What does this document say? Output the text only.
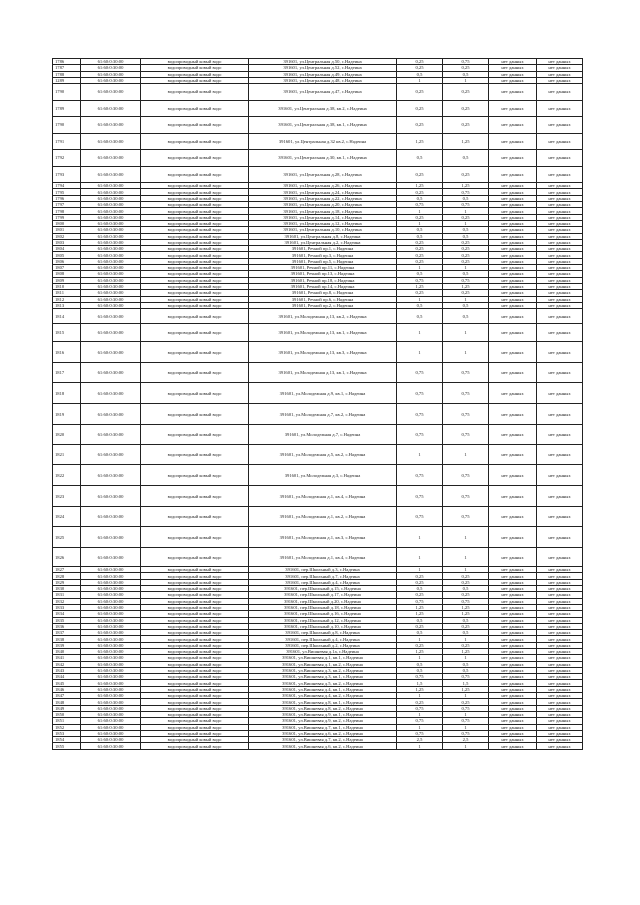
1786	61:60:0:30:00	водопроводный ковый водо	391601, ул.Центральная д.50, с.Надеина	0,25	0,75	нет данных	нет данных
1787	61:60:0:30:00	водопроводный ковый водо	391601, ул.Центральная д.52, с.Надеина	0,25	0,25	нет данных	нет данных
1788	61:60:0:30:00	водопроводный ковый водо	391601, ул.Центральная д.49, с.Надеина	0,5	0,5	нет данных	нет данных
1289	61:60:0:30:00	водопроводный ковый водо	391601, ул.Центральная д.48, с.Надеина	1	1	нет данных	нет данных
1790	61:60:0:30:00	водопроводный ковый водо	391601, ул.Центральная д.47, с.Надеина	0,25	0,25	нет данных	нет данных
1789	61:60:0:30:00	водопроводный ковый водо	391601, ул.Центральная д.38, кв.2, с.Надеина	0,25	0,25	нет данных	нет данных
1790	61:60:0:30:00	водопроводный ковый водо	391601, ул.Центральная д.38, кв.1, с.Надеина	0,25	0,25	нет данных	нет данных
1791	61:60:0:30:00	водопроводный ковый водо	391601, ул.Центральная д.32 кв.2, с.Надеина	1,25	1,25	нет данных	нет данных
1792	61:60:0:30:00	водопроводный ковый водо	391601, ул.Центральная д.30, кв.1, с.Надеина	0,5	0,5	нет данных	нет данных
1793	61:60:0:30:00	водопроводный ковый водо	391601, ул.Центральная д.28, с.Надеина	0,25	0,25	нет данных	нет данных
1794	61:60:0:30:00	водопроводный ковый водо	391601, ул.Центральная д.26, с.Надеина	1,25	1,25	нет данных	нет данных
1795	61:60:0:30:00	водопроводный ковый водо	391601, ул.Центральная д.24, с.Надеина	0,25	0,75	нет данных	нет данных
1796	61:60:0:30:00	водопроводный ковый водо	391601, ул.Центральная д.22, с.Надеина	0,5	0,5	нет данных	нет данных
1797	61:60:0:30:00	водопроводный ковый водо	391601, ул.Центральная д.20, с.Надеина	0,75	0,75	нет данных	нет данных
1798	61:60:0:30:00	водопроводный ковый водо	391601, ул.Центральная д.18, с.Надеина	1	1	нет данных	нет данных
1799	61:60:0:30:00	водопроводный ковый водо	391601, ул.Центральная д.14, с.Надеина	0,25	0,25	нет данных	нет данных
1800	61:60:0:30:00	водопроводный ковый водо	391601, ул.Центральная д.12, с.Надеина	1	1	нет данных	нет данных
1801	61:60:0:30:00	водопроводный ковый водо	391601, ул.Центральная д.10, с.Надеина	0,5	0,5	нет данных	нет данных
1802	61:60:0:30:00	водопроводный ковый водо	391601, ул.Центральная д.8, с.Надеина	0,5	0,5	нет данных	нет данных
1803	61:60:0:30:00	водопроводный ковый водо	391601, ул.Центральная д.2, с.Надеина	0,25	0,25	нет данных	нет данных
1804	61:60:0:30:00	водопроводный ковый водо	391601, Речной пр.1, с.Надеина	0,25	0,25	нет данных	нет данных
1805	61:60:0:30:00	водопроводный ковый водо	391601, Речной пр.3, с.Надеина	0,25	0,25	нет данных	нет данных
1806	61:60:0:30:00	водопроводный ковый водо	391601, Речной пр.5, с.Надеина	0,25	0,25	нет данных	нет данных
1807	61:60:0:30:00	водопроводный ковый водо	391601, Речной пр.11, с.Надеина	1	1	нет данных	нет данных
1808	61:60:0:30:00	водопроводный ковый водо	391601, Речной пр.13, с.Надеина	0,5	0,5	нет данных	нет данных
1809	61:60:0:30:00	водопроводный ковый водо	391601, Речной пр.18, с.Надеина	0,75	0,75	нет данных	нет данных
1810	61:60:0:30:00	водопроводный ковый водо	391601, Речной пр.14, с.Надеина	1,25	1,25	нет данных	нет данных
1811	61:60:0:30:00	водопроводный ковый водо	391601, Речной пр.8, с.Надеина	0,25	0,25	нет данных	нет данных
1812	61:60:0:30:00	водопроводный ковый водо	391601, Речной пр.6, с.Надеина	1	1	нет данных	нет данных
1813	61:60:0:30:00	водопроводный ковый водо	391601, Речной пр.2, с.Надеина	0,5	0,5	нет данных	нет данных
1814	61:60:0:30:00	водопроводный ковый водо	391601, ул.Молодежная д.13, кв.2, с.Надеина	0,5	0,5	нет данных	нет данных
1815	61:60:0:30:00	водопроводный ковый водо	391601, ул.Молодежная д.13, кв.1, с.Надеина	1	1	нет данных	нет данных
1816	61:60:0:30:00	водопроводный ковый водо	391601, ул.Молодежная д.13, кв.3, с.Надеина	1	1	нет данных	нет данных
1817	61:60:0:30:00	водопроводный ковый водо	391601, ул.Молодежная д.13, кв.1, с.Надеина	0,75	0,75	нет данных	нет данных
1818	61:60:0:30:00	водопроводный ковый водо	391601, ул.Молодежная д.9, кв.1, с.Надеина	0,75	0,75	нет данных	нет данных
1819	61:60:0:30:00	водопроводный ковый водо	391601, ул.Молодежная д.7, кв.2, с.Надеина	0,75	0,75	нет данных	нет данных
1820	61:60:0:30:00	водопроводный ковый водо	391601, ул.Молодежная д.7, с.Надеина	0,75	0,75	нет данных	нет данных
1821	61:60:0:30:00	водопроводный ковый водо	391601, ул.Молодежная д.5, кв.2, с.Надеина	1	1	нет данных	нет данных
1822	61:60:0:30:00	водопроводный ковый водо	391601, ул.Молодежная д.3, с.Надеина	0,75	0,75	нет данных	нет данных
1823	61:60:0:30:00	водопроводный ковый водо	391601, ул.Молодежная д.1, кв.4, с.Надеина	0,75	0,75	нет данных	нет данных
1824	61:60:0:30:00	водопроводный ковый водо	391601, ул.Молодежная д.1, кв.2, с.Надеина	0,75	0,75	нет данных	нет данных
1825	61:60:0:30:00	водопроводный ковый водо	391601, ул.Молодежная д.1, кв.3, с.Надеина	1	1	нет данных	нет данных
1826	61:60:0:30:00	водопроводный ковый водо	391601, ул.Молодежная д.1, кв.4, с.Надеина	1	1	нет данных	нет данных
1827	61:60:0:30:00	водопроводный ковый водо	391601, пер.Школьный д.3, с.Надеина	1	1	нет данных	нет данных
1828	61:60:0:30:00	водопроводный ковый водо	391601, пер.Школьный д.7, с.Надеина	0,25	0,25	нет данных	нет данных
1829	61:60:0:30:00	водопроводный ковый водо	391601, пер.Школьный д.4, с.Надеина	0,25	0,25	нет данных	нет данных
1830	61:60:0:30:00	водопроводный ковый водо	391601, пер.Школьный д.15, с.Надеина	0,5	0,5	нет данных	нет данных
1831	61:60:0:30:00	водопроводный ковый водо	391601, пер.Школьный д.17, с.Надеина	0,25	0,25	нет данных	нет данных
1832	61:60:0:30:00	водопроводный ковый водо	391601, пер.Школьный д.20, с.Надеина	0,75	0,75	нет данных	нет данных
1833	61:60:0:30:00	водопроводный ковый водо	391601, пер.Школьный д.18, с.Надеина	1,25	1,25	нет данных	нет данных
1834	61:60:0:30:00	водопроводный ковый водо	391601, пер.Школьный д.16, с.Надеина	1,25	1,25	нет данных	нет данных
1835	61:60:0:30:00	водопроводный ковый водо	391601, пер.Школьный д.12, с.Надеина	0,5	0,5	нет данных	нет данных
1836	61:60:0:30:00	водопроводный ковый водо	391601, пер.Школьный д.10, с.Надеина	0,25	0,25	нет данных	нет данных
1837	61:60:0:30:00	водопроводный ковый водо	391601, пер.Школьный д.8, с.Надеина	0,5	0,5	нет данных	нет данных
1838	61:60:0:30:00	водопроводный ковый водо	391601, пер.Школьный д.4, с.Надеина	1	1	нет данных	нет данных
1839	61:60:0:30:00	водопроводный ковый водо	391601, пер.Школьный д.2, с.Надеина	0,25	0,25	нет данных	нет данных
1840	61:60:0:30:00	водопроводный ковый водо	391601, ул.Вишневая д.1а, с.Надеина	1,25	1,25	нет данных	нет данных
1841	61:60:0:30:00	водопроводный ковый водо	391601, ул.Вишневая д.1, кв.1, с.Надеина	1	1	нет данных	нет данных
1842	61:60:0:30:00	водопроводный ковый водо	391601, ул.Вишневая д.1, кв.2, с.Надеина	0,5	0,5	нет данных	нет данных
1843	61:60:0:30:00	водопроводный ковый водо	391601, ул.Вишневая д.3, кв.2, с.Надеина	0,5	0,5	нет данных	нет данных
1844	61:60:0:30:00	водопроводный ковый водо	391601, ул.Вишневая д.3, кв.1, с.Надеина	0,75	0,75	нет данных	нет данных
1845	61:60:0:30:00	водопроводный ковый водо	391601, ул.Вишневая д.5, кв.2, с.Надеина	1,5	1,5	нет данных	нет данных
1846	61:60:0:30:00	водопроводный ковый водо	391601, ул.Вишневая д.4, кв.1, с.Надеина	1,25	1,25	нет данных	нет данных
1847	61:60:0:30:00	водопроводный ковый водо	391601, ул.Вишневая д.4, кв.2, с.Надеина	1	1	нет данных	нет данных
1848	61:60:0:30:00	водопроводный ковый водо	391601, ул.Вишневая д.8, кв.1, с.Надеина	0,25	0,25	нет данных	нет данных
1849	61:60:0:30:00	водопроводный ковый водо	391601, ул.Вишневая д.8, кв.2, с.Надеина	0,75	0,75	нет данных	нет данных
1850	61:60:0:30:00	водопроводный ковый водо	391601, ул.Вишневая д.9, кв.1, с.Надеина	1	1	нет данных	нет данных
1851	61:60:0:30:00	водопроводный ковый водо	391601, ул.Вишневая д.9, кв.2, с.Надеина	0,75	0,75	нет данных	нет данных
1852	61:60:0:30:00	водопроводный ковый водо	391601, ул.Вишневая д.7, кв.1, с.Надеина	1	1	нет данных	нет данных
1853	61:60:0:30:00	водопроводный ковый водо	391601, ул.Вишневая д.6, кв.2, с.Надеина	0,75	0,75	нет данных	нет данных
1854	61:60:0:30:00	водопроводный ковый водо	391601, ул.Вишневая д.7, кв.2, с.Надеина	2,5	2,5	нет данных	нет данных
1855	61:60:0:30:00	водопроводный ковый водо	391601, ул.Вишневая д.6, кв.2, с.Надеина	1	1	нет данных	нет данных
